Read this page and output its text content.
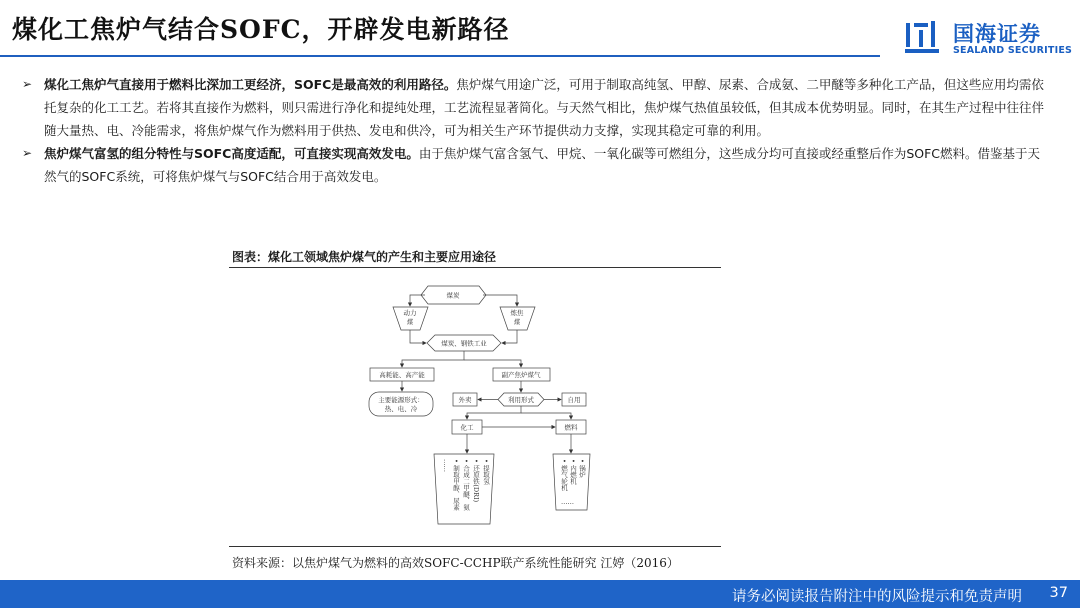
煤化工焦炉气结合SOFC，开辟发电新路径	国海证券
SEALAND SECURITIES
➢ 煤化工焦炉气直接用于燃料比深加工更经济，SOFC是最高效的利用路径。焦炉煤气用途广泛，可用于制取高纯氢、甲醇、尿素、合成氨、二甲醚等多种化工产品，但这些应用均需依托复杂的化工工艺。若将其直接作为燃料，则只需进行净化和提纯处理，工艺流程显著简化。与天然气相比，焦炉煤气热值虽较低，但其成本优势明显。同时，在其生产过程中往往伴随大量热、电、冷能需求，将焦炉煤气作为燃料用于供热、发电和供冷，可为相关生产环节提供动力支撑，实现其稳定可靠的利用。
➢ 焦炉煤气富氢的组分特性与SOFC高度适配，可直接实现高效发电。由于焦炉煤气富含氢气、甲烷、一氧化碳等可燃组分，这些成分均可直接或经重整后作为SOFC燃料。借鉴基于天然气的SOFC系统，可将焦炉煤气与SOFC结合用于高效发电。
图表：煤化工领域焦炉煤气的产生和主要应用途径
煤炭
动力
煤
炼焦
煤
煤炭、钢铁工业
高耗能、高产能	副产焦炉煤气
主要能源形式：
热、电、冷
外卖	利用形式	自用
化工	燃料
• 提取氢
• 还原铁(DRI)
• 合成二甲醚、氨
• 制取甲醇、尿素
……	• 锅炉
• 内燃机
• 燃气轮机
……
资料来源：以焦炉煤气为燃料的高效SOFC-CCHP联产系统性能研究 江婷（2016）
请务必阅读报告附注中的风险提示和免责声明 37
